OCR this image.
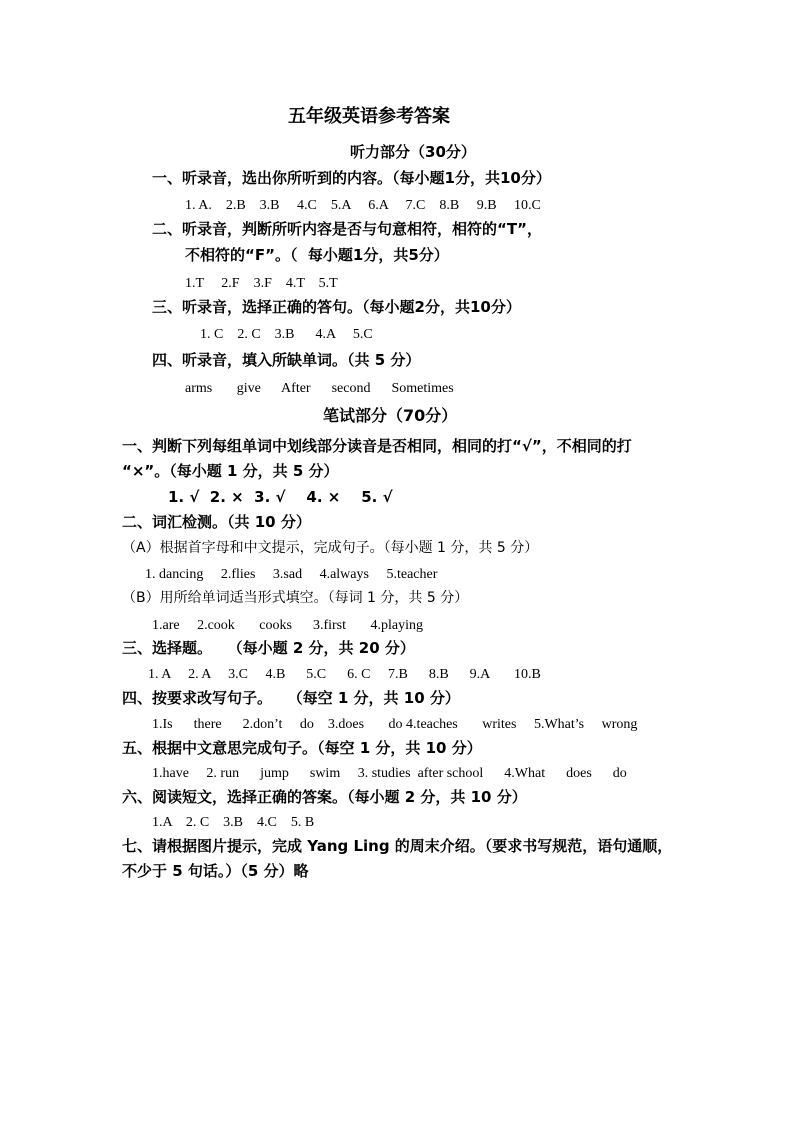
五年级英语参考答案
听力部分（30分）
一、听录音，选出你所听到的内容。（每小题1分，共10分）
1. A.    2.B    3.B     4.C    5.A     6.A     7.C    8.B     9.B     10.C
二、听录音，判断所听内容是否与句意相符，相符的“T”，
不相符的“F”。（  每小题1分，共5分）
1.T     2.F    3.F    4.T    5.T
三、听录音，选择正确的答句。（每小题2分，共10分）
1. C    2. C    3.B      4.A     5.C
四、听录音，填入所缺单词。（共 5 分）
arms       give      After      second      Sometimes
笔试部分（70分）
一、判断下列每组单词中划线部分读音是否相同，相同的打“√”，不相同的打
“×”。（每小题 1 分，共 5 分）
1. √  2. ×  3. √    4. ×    5. √
二、词汇检测。（共 10 分）
（A）根据首字母和中文提示，完成句子。（每小题 1 分，共 5 分）
1. dancing     2.flies     3.sad     4.always     5.teacher
（B）用所给单词适当形式填空。（每词 1 分，共 5 分）
1.are     2.cook       cooks      3.first       4.playing
三、选择题。   （每小题 2 分，共 20 分）
1. A     2. A     3.C     4.B      5.C      6. C     7.B      8.B      9.A       10.B
四、按要求改写句子。   （每空 1 分，共 10 分）
1.Is      there      2.don’t     do    3.does       do 4.teaches       writes     5.What’s     wrong
五、根据中文意思完成句子。（每空 1 分，共 10 分）
1.have     2. run      jump      swim     3. studies  after school      4.What      does      do
六、阅读短文，选择正确的答案。（每小题 2 分，共 10 分）
1.A    2. C    3.B    4.C    5. B
七、请根据图片提示，完成 Yang Ling 的周末介绍。（要求书写规范，语句通顺，
不少于 5 句话。）（5 分）略
